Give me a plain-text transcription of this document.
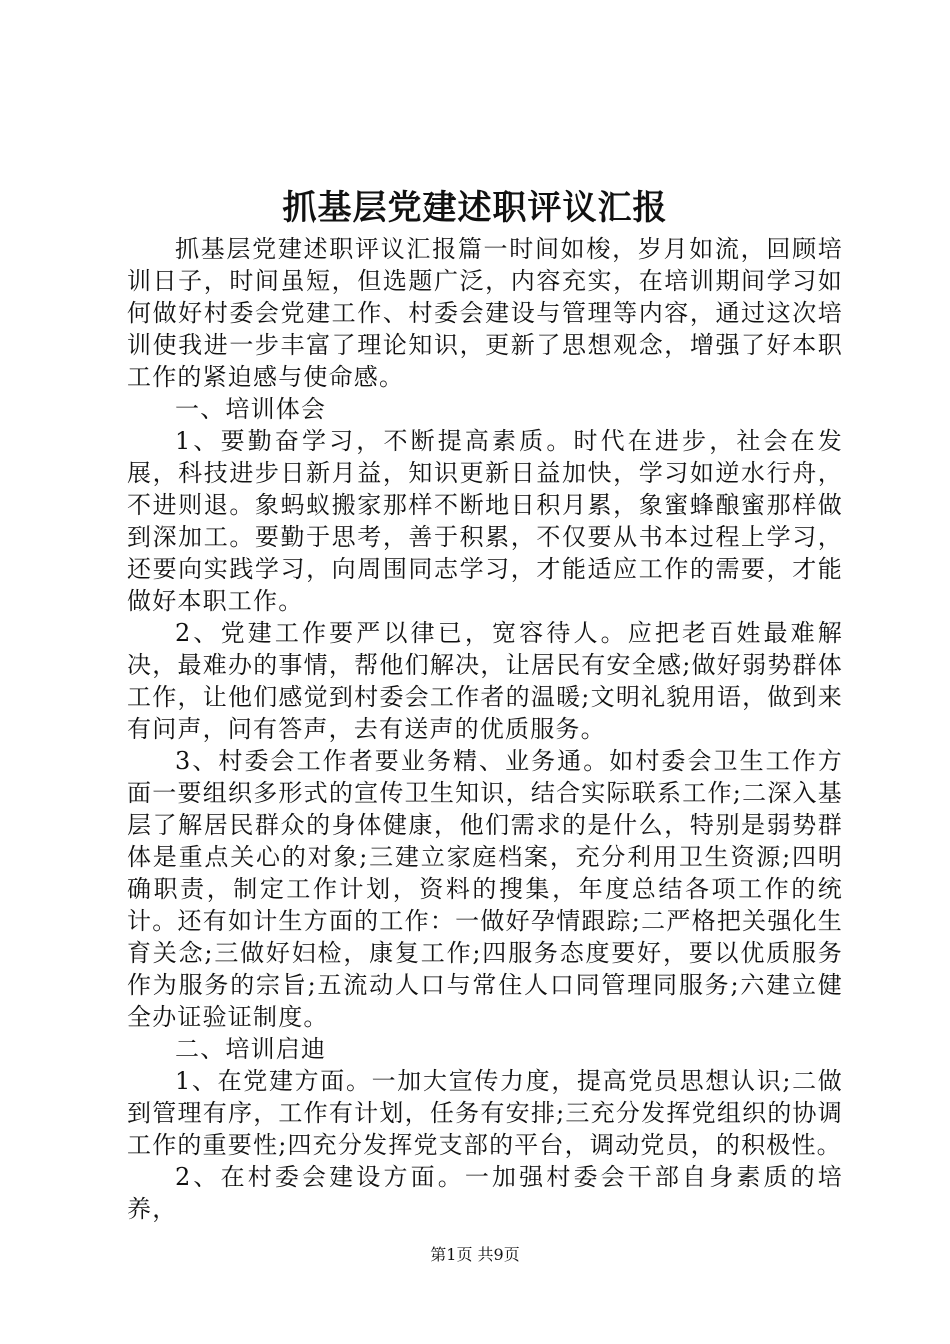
抓基层党建述职评议汇报

抓基层党建述职评议汇报篇一时间如梭，岁月如流，回顾培训日子，时间虽短，但选题广泛，内容充实，在培训期间学习如何做好村委会党建工作、村委会建设与管理等内容，通过这次培训使我进一步丰富了理论知识，更新了思想观念，增强了好本职工作的紧迫感与使命感。

一、培训体会

1、要勤奋学习，不断提高素质。时代在进步，社会在发展，科技进步日新月益，知识更新日益加快，学习如逆水行舟，不进则退。象蚂蚁搬家那样不断地日积月累，象蜜蜂酿蜜那样做到深加工。要勤于思考，善于积累，不仅要从书本过程上学习，还要向实践学习，向周围同志学习，才能适应工作的需要，才能做好本职工作。

2、党建工作要严以律已，宽容待人。应把老百姓最难解决，最难办的事情，帮他们解决，让居民有安全感;做好弱势群体工作，让他们感觉到村委会工作者的温暖;文明礼貌用语，做到来有问声，问有答声，去有送声的优质服务。

3、村委会工作者要业务精、业务通。如村委会卫生工作方面一要组织多形式的宣传卫生知识，结合实际联系工作;二深入基层了解居民群众的身体健康，他们需求的是什么，特别是弱势群体是重点关心的对象;三建立家庭档案，充分利用卫生资源;四明确职责，制定工作计划，资料的搜集，年度总结各项工作的统计。还有如计生方面的工作：一做好孕情跟踪;二严格把关强化生育关念;三做好妇检，康复工作;四服务态度要好，要以优质服务作为服务的宗旨;五流动人口与常住人口同管理同服务;六建立健全办证验证制度。

二、培训启迪

1、在党建方面。一加大宣传力度，提高党员思想认识;二做到管理有序，工作有计划，任务有安排;三充分发挥党组织的协调工作的重要性;四充分发挥党支部的平台，调动党员，的积极性。

2、在村委会建设方面。一加强村委会干部自身素质的培养，

第1页 共9页
